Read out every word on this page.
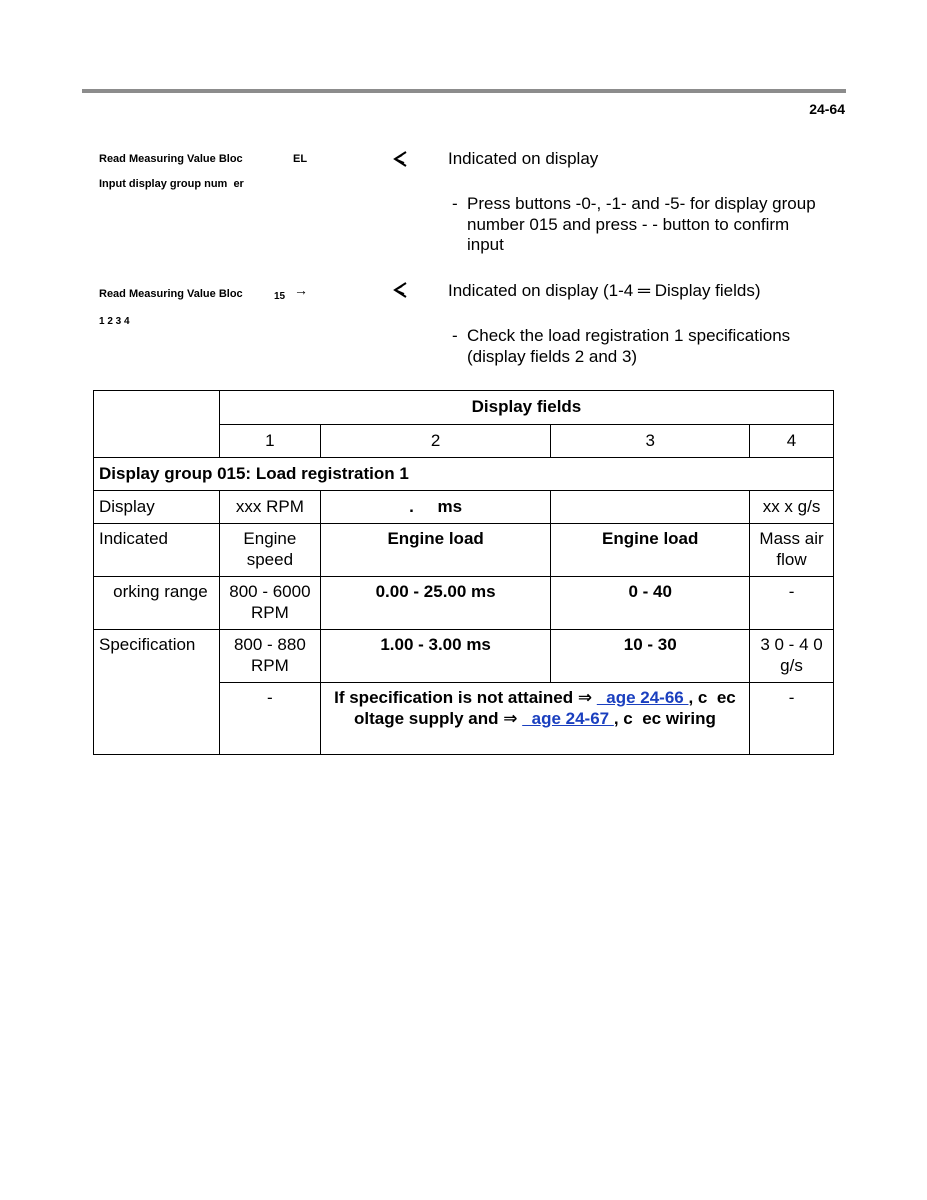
24-64
Read Measuring Value Bloc	EL
Input display group num  er
Indicated on display
- Press buttons -0-, -1- and -5- for display group number 015 and press - - button to confirm input
Read Measuring Value Bloc	15 →
1 2 3 4
Indicated on display (1-4 ═ Display fields)
- Check the load registration 1 specifications (display fields 2 and 3)
	Display fields			
	1	2	3	4
Display group 015: Load registration 1				
Display	xxx RPM	.     ms		xx x g/s
Indicated	Engine speed	Engine load	Engine load	Mass air flow
orking range	800 - 6000 RPM	0.00 - 25.00 ms	0 - 40	-
Specification	800 - 880 RPM	1.00 - 3.00 ms	10 - 30	3 0 - 4 0 g/s
	-	If specification is not attained ⇒   age 24-66 , c  ec     oltage supply and ⇒   age 24-67 , c  ec wiring		-
